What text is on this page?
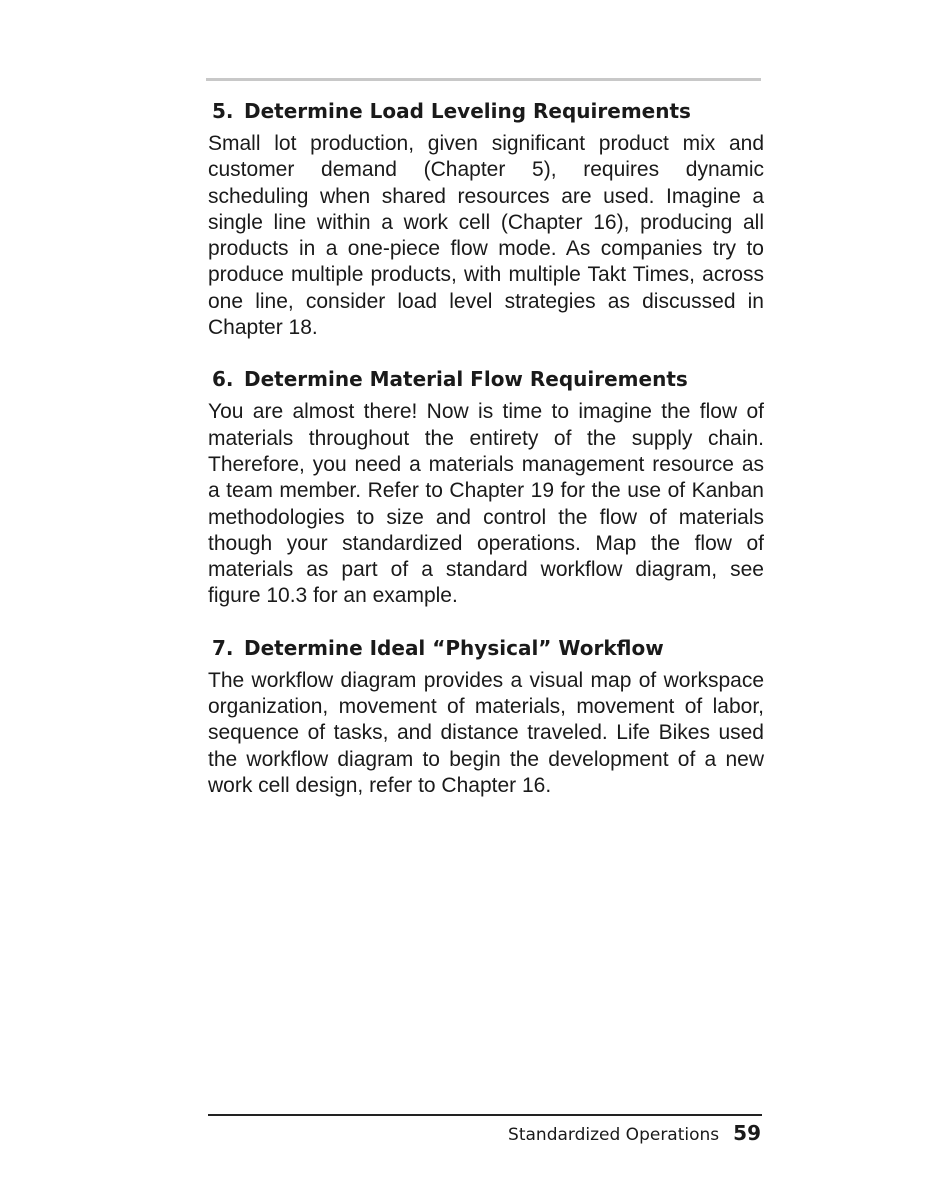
5. Determine Load Leveling Requirements

Small lot production, given significant product mix and customer demand (Chapter 5), requires dynamic scheduling when shared resources are used. Imagine a single line within a work cell (Chapter 16), producing all products in a one-piece flow mode. As companies try to produce multiple products, with multiple Takt Times, across one line, consider load level strategies as discussed in Chapter 18.

6. Determine Material Flow Requirements

You are almost there! Now is time to imagine the flow of materials throughout the entirety of the supply chain. Therefore, you need a materials management resource as a team member. Refer to Chapter 19 for the use of Kanban methodologies to size and control the flow of materials though your standardized operations. Map the flow of materials as part of a standard workflow diagram, see figure 10.3 for an example.

7. Determine Ideal “Physical” Workflow

The workflow diagram provides a visual map of workspace organization, movement of materials, movement of labor, sequence of tasks, and distance traveled. Life Bikes used the workflow diagram to begin the development of a new work cell design, refer to Chapter 16.

Standardized Operations 59
